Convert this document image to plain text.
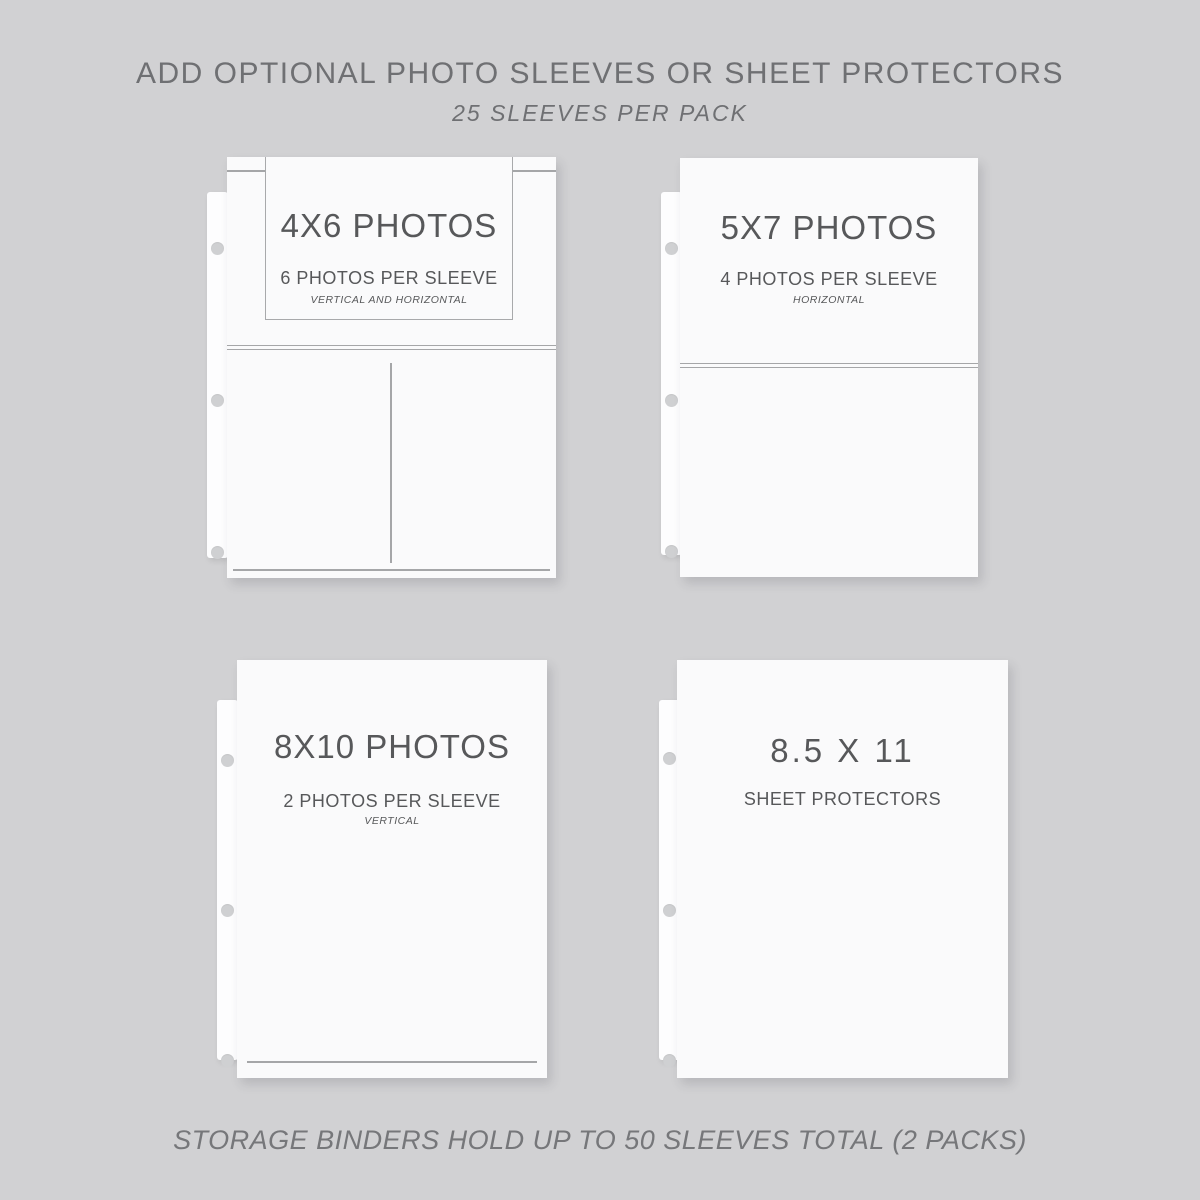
ADD OPTIONAL PHOTO SLEEVES OR SHEET PROTECTORS
25 SLEEVES PER PACK
4X6 PHOTOS
6 PHOTOS PER SLEEVE
VERTICAL AND HORIZONTAL
5X7 PHOTOS
4 PHOTOS PER SLEEVE
HORIZONTAL
8X10 PHOTOS
2 PHOTOS PER SLEEVE
VERTICAL
8.5 X 11
SHEET PROTECTORS
STORAGE BINDERS HOLD UP TO 50 SLEEVES TOTAL (2 PACKS)
